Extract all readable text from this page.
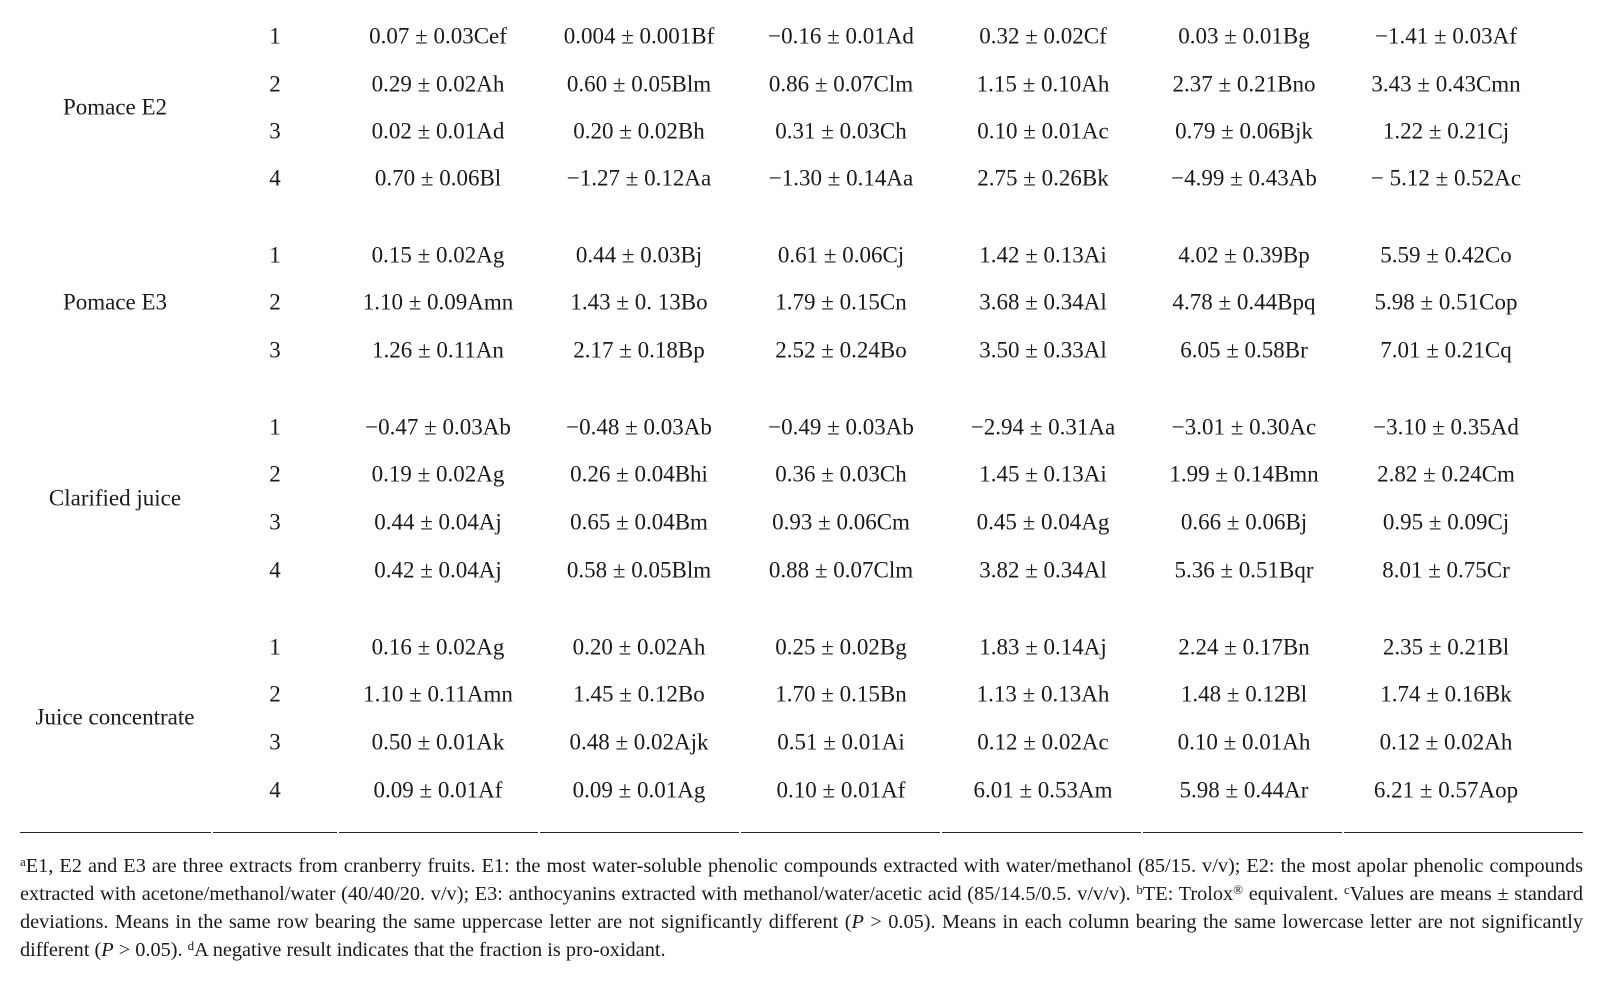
Pomace E2
1	0.07 ± 0.03Cef 0.004 ± 0.001Bf −0.16 ± 0.01Ad	0.32 ± 0.02Cf	0.03 ± 0.01Bg	−1.41 ± 0.03Af
2	0.29 ± 0.02Ah	0.60 ± 0.05Blm	0.86 ± 0.07Clm	1.15 ± 0.10Ah	2.37 ± 0.21Bno 3.43 ± 0.43Cmn
3	0.02 ± 0.01Ad	0.20 ± 0.02Bh	0.31 ± 0.03Ch	0.10 ± 0.01Ac	0.79 ± 0.06Bjk	1.22 ± 0.21Cj
4	0.70 ± 0.06Bl	−1.27 ± 0.12Aa	−1.30 ± 0.14Aa	2.75 ± 0.26Bk	−4.99 ± 0.43Ab − 5.12 ± 0.52Ac
Pomace E3
1	0.15 ± 0.02Ag	0.44 ± 0.03Bj	0.61 ± 0.06Cj	1.42 ± 0.13Ai	4.02 ± 0.39Bp	5.59 ± 0.42Co
2	1.10 ± 0.09Amn 1.43 ± 0. 13Bo	1.79 ± 0.15Cn	3.68 ± 0.34Al	4.78 ± 0.44Bpq	5.98 ± 0.51Cop
3	1.26 ± 0.11An	2.17 ± 0.18Bp	2.52 ± 0.24Bo	3.50 ± 0.33Al	6.05 ± 0.58Br	7.01 ± 0.21Cq
Clarified juice
1	−0.47 ± 0.03Ab −0.48 ± 0.03Ab −0.49 ± 0.03Ab −2.94 ± 0.31Aa −3.01 ± 0.30Ac −3.10 ± 0.35Ad
2	0.19 ± 0.02Ag	0.26 ± 0.04Bhi	0.36 ± 0.03Ch	1.45 ± 0.13Ai	1.99 ± 0.14Bmn	2.82 ± 0.24Cm
3	0.44 ± 0.04Aj	0.65 ± 0.04Bm	0.93 ± 0.06Cm	0.45 ± 0.04Ag	0.66 ± 0.06Bj	0.95 ± 0.09Cj
4	0.42 ± 0.04Aj	0.58 ± 0.05Blm	0.88 ± 0.07Clm	3.82 ± 0.34Al	5.36 ± 0.51Bqr	8.01 ± 0.75Cr
Juice concentrate
1	0.16 ± 0.02Ag	0.20 ± 0.02Ah	0.25 ± 0.02Bg	1.83 ± 0.14Aj	2.24 ± 0.17Bn	2.35 ± 0.21Bl
2	1.10 ± 0.11Amn	1.45 ± 0.12Bo	1.70 ± 0.15Bn	1.13 ± 0.13Ah	1.48 ± 0.12Bl	1.74 ± 0.16Bk
3	0.50 ± 0.01Ak	0.48 ± 0.02Ajk	0.51 ± 0.01Ai	0.12 ± 0.02Ac	0.10 ± 0.01Ah	0.12 ± 0.02Ah
4	0.09 ± 0.01Af	0.09 ± 0.01Ag	0.10 ± 0.01Af	6.01 ± 0.53Am	5.98 ± 0.44Ar	6.21 ± 0.57Aop
$^a$E1, E2 and E3 are three extracts from cranberry fruits. E1: the most water-soluble phenolic compounds extracted with water/methanol (85/15. v/v); E2: the most apolar phenolic compounds extracted with acetone/methanol/water (40/40/20. v/v); E3: anthocyanins extracted with methanol/water/acetic acid (85/14.5/0.5. v/v/v). $^b$TE: Trolox® equivalent. $^c$Values are means ± standard deviations. Means in the same row bearing the same uppercase letter are not significantly different (P > 0.05). Means in each column bearing the same lowercase letter are not significantly different (P > 0.05). $^d$A negative result indicates that the fraction is pro-oxidant.
